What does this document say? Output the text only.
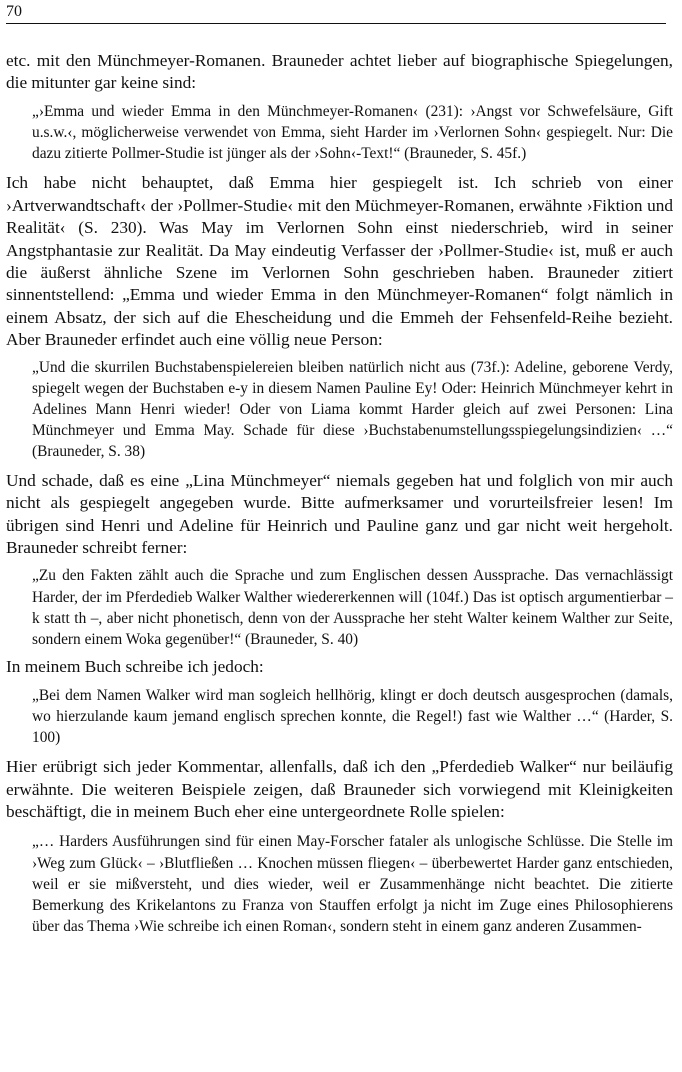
70

etc. mit den Münchmeyer-Romanen. Brauneder achtet lieber auf biographische Spiegelungen, die mitunter gar keine sind:

„›Emma und wieder Emma in den Münchmeyer-Romanen‹ (231): ›Angst vor Schwefelsäure, Gift u.s.w.‹, möglicherweise verwendet von Emma, sieht Harder im ›Verlornen Sohn‹ gespiegelt. Nur: Die dazu zitierte Pollmer-Studie ist jünger als der ›Sohn‹-Text!“ (Brauneder, S. 45f.)

Ich habe nicht behauptet, daß Emma hier gespiegelt ist. Ich schrieb von einer ›Artverwandtschaft‹ der ›Pollmer-Studie‹ mit den Müchmeyer-Romanen, erwähnte ›Fiktion und Realität‹ (S. 230). Was May im Verlornen Sohn einst niederschrieb, wird in seiner Angstphantasie zur Realität. Da May eindeutig Verfasser der ›Pollmer-Studie‹ ist, muß er auch die äußerst ähnliche Szene im Verlornen Sohn geschrieben haben. Brauneder zitiert sinnentstellend: „Emma und wieder Emma in den Münchmeyer-Romanen“ folgt nämlich in einem Absatz, der sich auf die Ehescheidung und die Emmeh der Fehsenfeld-Reihe bezieht. Aber Brauneder erfindet auch eine völlig neue Person:

„Und die skurrilen Buchstabenspielereien bleiben natürlich nicht aus (73f.): Adeline, geborene Verdy, spiegelt wegen der Buchstaben e-y in diesem Namen Pauline Ey! Oder: Heinrich Münchmeyer kehrt in Adelines Mann Henri wieder! Oder von Liama kommt Harder gleich auf zwei Personen: Lina Münchmeyer und Emma May. Schade für diese ›Buchstabenumstellungsspiegelungsindizien‹ …“ (Brauneder, S. 38)

Und schade, daß es eine „Lina Münchmeyer“ niemals gegeben hat und folglich von mir auch nicht als gespiegelt angegeben wurde. Bitte aufmerksamer und vorurteilsfreier lesen! Im übrigen sind Henri und Adeline für Heinrich und Pauline ganz und gar nicht weit hergeholt. Brauneder schreibt ferner:

„Zu den Fakten zählt auch die Sprache und zum Englischen dessen Aussprache. Das vernachlässigt Harder, der im Pferdedieb Walker Walther wiedererkennen will (104f.) Das ist optisch argumentierbar – k statt th –, aber nicht phonetisch, denn von der Aussprache her steht Walter keinem Walther zur Seite, sondern einem Woka gegenüber!“ (Brauneder, S. 40)

In meinem Buch schreibe ich jedoch:

„Bei dem Namen Walker wird man sogleich hellhörig, klingt er doch deutsch ausgesprochen (damals, wo hierzulande kaum jemand englisch sprechen konnte, die Regel!) fast wie Walther …“ (Harder, S. 100)

Hier erübrigt sich jeder Kommentar, allenfalls, daß ich den „Pferdedieb Walker“ nur beiläufig erwähnte. Die weiteren Beispiele zeigen, daß Brauneder sich vorwiegend mit Kleinigkeiten beschäftigt, die in meinem Buch eher eine untergeordnete Rolle spielen:

„… Harders Ausführungen sind für einen May-Forscher fataler als unlogische Schlüsse. Die Stelle im ›Weg zum Glück‹ – ›Blutfließen … Knochen müssen fliegen‹ – überbewertet Harder ganz entschieden, weil er sie mißversteht, und dies wieder, weil er Zusammenhänge nicht beachtet. Die zitierte Bemerkung des Krikelantons zu Franza von Stauffen erfolgt ja nicht im Zuge eines Philosophierens über das Thema ›Wie schreibe ich einen Roman‹, sondern steht in einem ganz anderen Zusammen-
